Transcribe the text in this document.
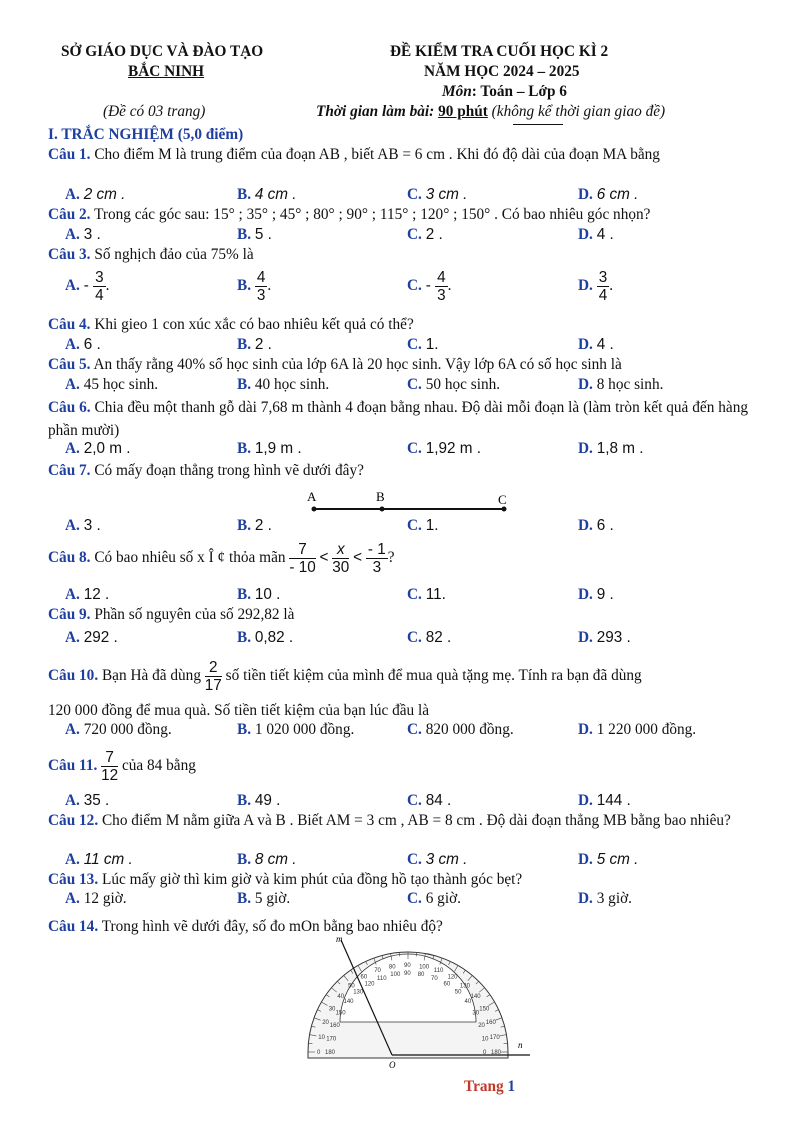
SỞ GIÁO DỤC VÀ ĐÀO TẠO
BẮC NINH
(Đề có 03 trang)
ĐỀ KIỂM TRA CUỐI HỌC KÌ 2
NĂM HỌC 2024 – 2025
Môn: Toán – Lớp 6
Thời gian làm bài: 90 phút (không kể thời gian giao đề)
I. TRẮC NGHIỆM (5,0 điểm)
Câu 1. Cho điểm M là trung điểm của đoạn AB , biết AB = 6 cm . Khi đó độ dài của đoạn MA bằng
A. 2 cm .	B. 4 cm .	C. 3 cm .	D. 6 cm .
Câu 2. Trong các góc sau: 15° ; 35° ; 45° ; 80° ; 90° ; 115° ; 120° ; 150° . Có bao nhiêu góc nhọn?
A. 3 .	B. 5 .	C. 2 .	D. 4 .
Câu 3. Số nghịch đảo của 75% là
A. - $\frac{3}{4}$ .	B. $\frac{4}{3}$ .	C. - $\frac{4}{3}$ .	D. $\frac{3}{4}$ .
Câu 4. Khi gieo 1 con xúc xắc có bao nhiêu kết quả có thể?
A. 6 .	B. 2 .	C. 1.	D. 4 .
Câu 5. An thấy rằng 40% số học sinh của lớp 6A là 20 học sinh. Vậy lớp 6A có số học sinh là
A. 45 học sinh.	B. 40 học sinh.	C. 50 học sinh.	D. 8 học sinh.
Câu 6. Chia đều một thanh gỗ dài 7,68 m thành 4 đoạn bằng nhau. Độ dài mỗi đoạn là (làm tròn kết quả đến hàng phần mười)
A. 2,0 m .	B. 1,9 m .	C. 1,92 m .	D. 1,8 m .
Câu 7. Có mấy đoạn thẳng trong hình vẽ dưới đây?
A	B	C
A. 3 .	B. 2 .	C. 1.	D. 6 .
Câu 8. Có bao nhiêu số x Î ¢ thỏa mãn $\frac{7}{- 10} < \frac{x}{30} < \frac{- 1}{3}$ ?
A. 12 .	B. 10 .	C. 11.	D. 9 .
Câu 9. Phần số nguyên của số 292,82 là
A. 292 .	B. 0,82 .	C. 82 .	D. 293 .
Câu 10. Bạn Hà đã dùng $\frac{2}{17}$ số tiền tiết kiệm của mình để mua quà tặng mẹ. Tính ra bạn đã dùng
120 000 đồng để mua quà. Số tiền tiết kiệm của bạn lúc đầu là
A. 720 000 đồng.	B. 1 020 000 đồng.	C. 820 000 đồng.	D. 1 220 000 đồng.
Câu 11. $\frac{7}{12}$ của 84 bằng
A. 35 .	B. 49 .	C. 84 .	D. 144 .
Câu 12. Cho điểm M nằm giữa A và B . Biết AM = 3 cm , AB = 8 cm . Độ dài đoạn thẳng MB bằng bao nhiêu?
A. 11 cm .	B. 8 cm .	C. 3 cm .	D. 5 cm .
Câu 13. Lúc mấy giờ thì kim giờ và kim phút của đồng hồ tạo thành góc bẹt?
A. 12 giờ.	B. 5 giờ.	C. 6 giờ.	D. 3 giờ.
Câu 14. Trong hình vẽ dưới đây, số đo mOn bằng bao nhiêu độ?
0 180
10 170
20 160
30
150
40
140
50
130
60
120
70
110
80
100
90
90
100
80
110
70 120
60 130
50
140
40
150
30
160
20
170
10
180
0
m
O
n
Trang 1
